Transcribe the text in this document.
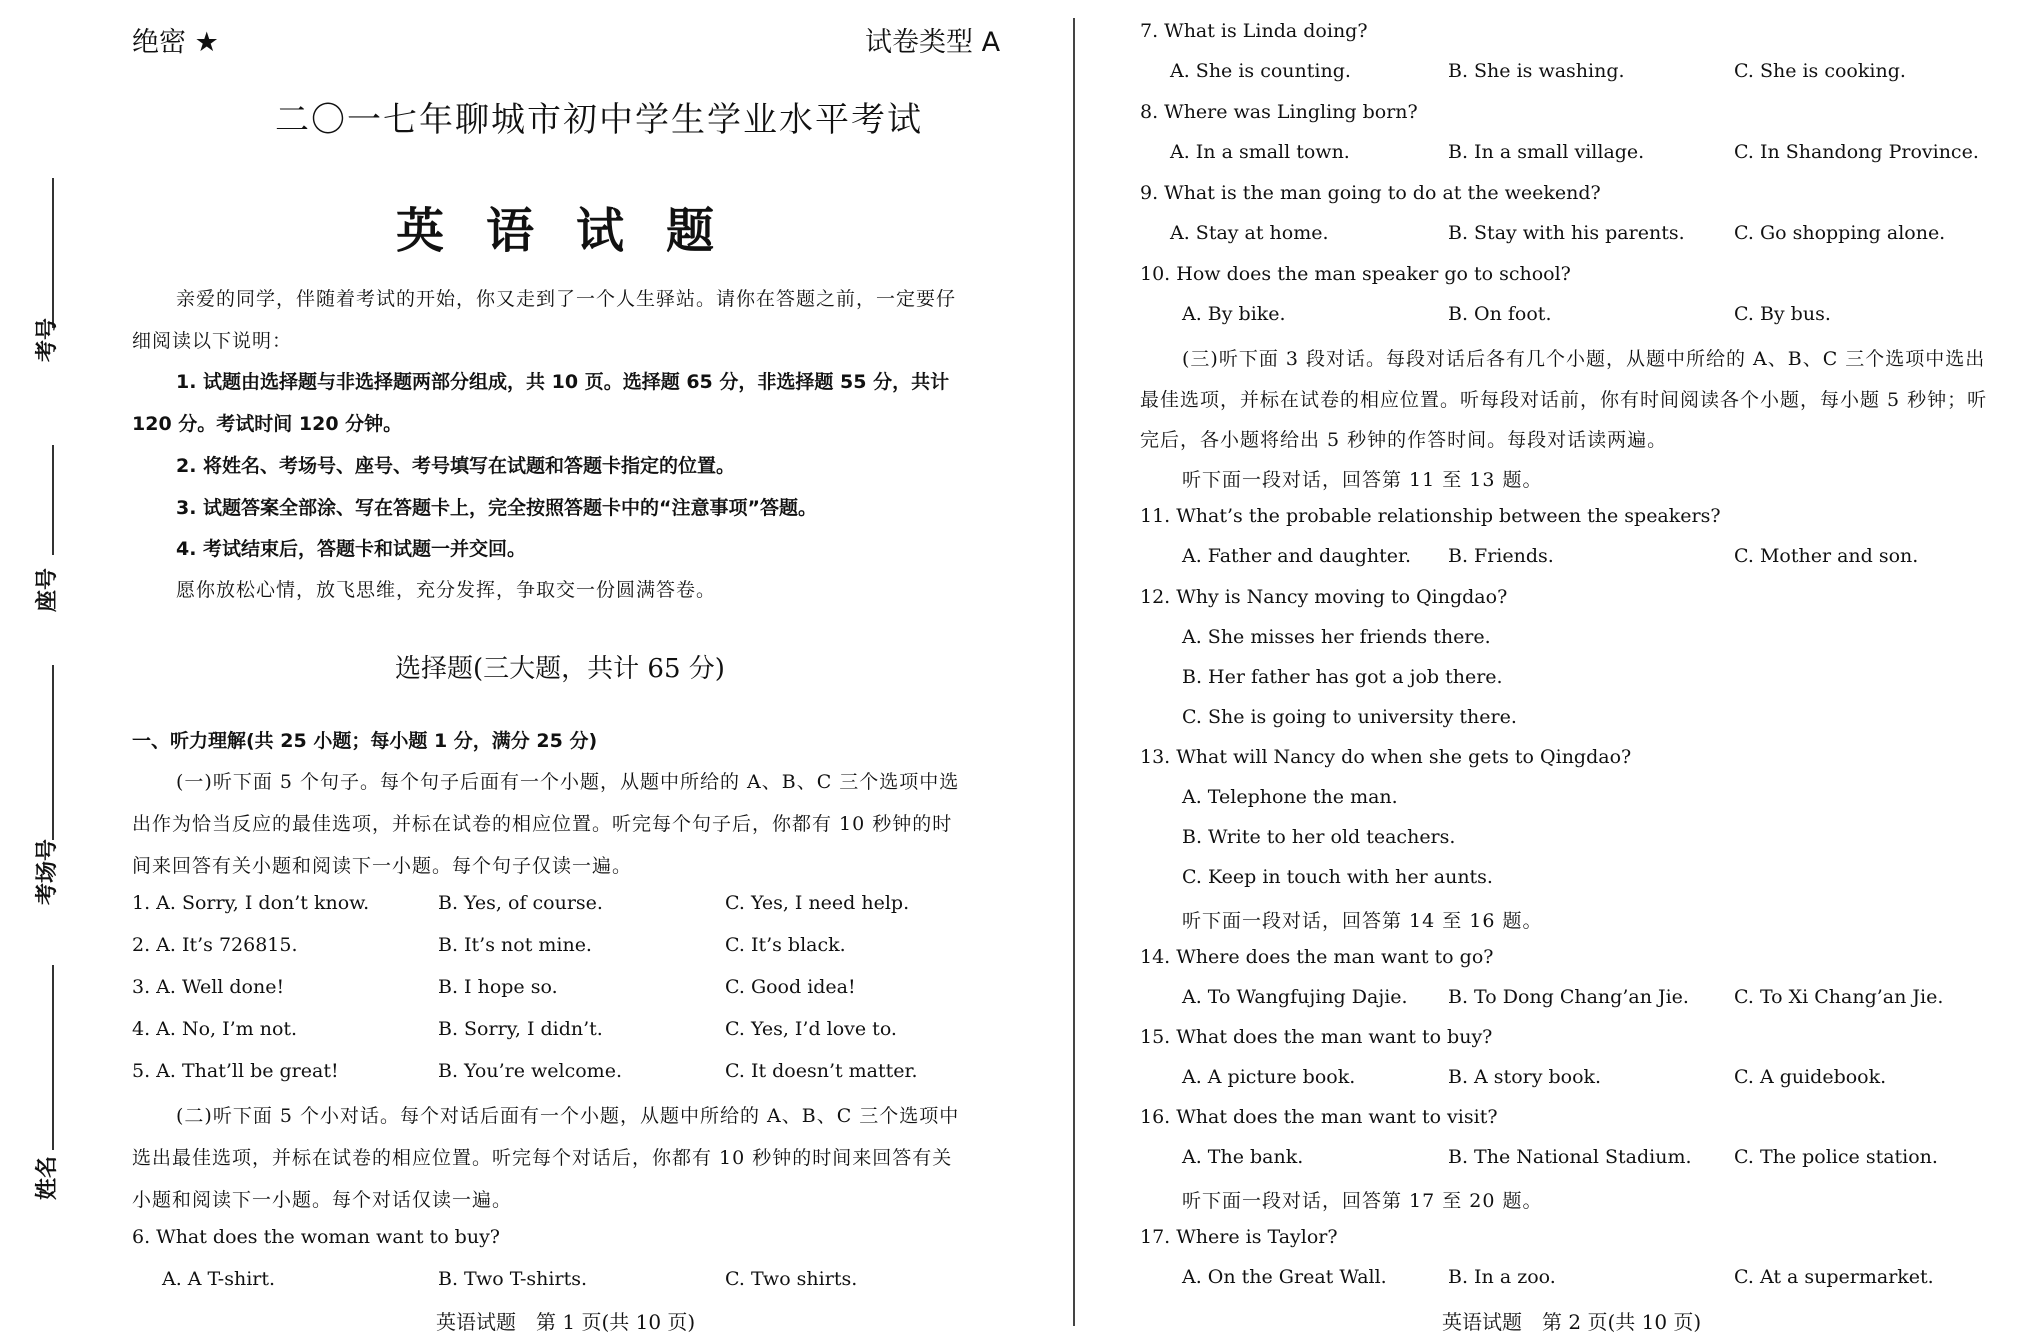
考号
座号
考场号
姓名
绝密 ★	试卷类型 A
二〇一七年聊城市初中学生学业水平考试
英语试题
亲爱的同学，伴随着考试的开始，你又走到了一个人生驿站。请你在答题之前，一定要仔
细阅读以下说明：
1. 试题由选择题与非选择题两部分组成，共 10 页。选择题 65 分，非选择题 55 分，共计
120 分。考试时间 120 分钟。
2. 将姓名、考场号、座号、考号填写在试题和答题卡指定的位置。
3. 试题答案全部涂、写在答题卡上，完全按照答题卡中的“注意事项”答题。
4. 考试结束后，答题卡和试题一并交回。
愿你放松心情，放飞思维，充分发挥，争取交一份圆满答卷。
选择题(三大题，共计 65 分)
一、听力理解(共 25 小题；每小题 1 分，满分 25 分)
(一)听下面 5 个句子。每个句子后面有一个小题，从题中所给的 A、B、C 三个选项中选
出作为恰当反应的最佳选项，并标在试卷的相应位置。听完每个句子后，你都有 10 秒钟的时
间来回答有关小题和阅读下一小题。每个句子仅读一遍。
1. A. Sorry, I don’t know.	B. Yes, of course.	C. Yes, I need help.
2. A. It’s 726815.	B. It’s not mine.	C. It’s black.
3. A. Well done!	B. I hope so.	C. Good idea!
4. A. No, I’m not.	B. Sorry, I didn’t.	C. Yes, I’d love to.
5. A. That’ll be great!	B. You’re welcome.	C. It doesn’t matter.
(二)听下面 5 个小对话。每个对话后面有一个小题，从题中所给的 A、B、C 三个选项中
选出最佳选项，并标在试卷的相应位置。听完每个对话后，你都有 10 秒钟的时间来回答有关
小题和阅读下一小题。每个对话仅读一遍。
6. What does the woman want to buy?
A. A T-shirt.	B. Two T-shirts.	C. Two shirts.
英语试题　第 1 页(共 10 页)
7. What is Linda doing?
A. She is counting.	B. She is washing.	C. She is cooking.
8. Where was Lingling born?
A. In a small town.	B. In a small village.	C. In Shandong Province.
9. What is the man going to do at the weekend?
A. Stay at home.	B. Stay with his parents.	C. Go shopping alone.
10. How does the man speaker go to school?
A. By bike.	B. On foot.	C. By bus.
(三)听下面 3 段对话。每段对话后各有几个小题，从题中所给的 A、B、C 三个选项中选出
最佳选项，并标在试卷的相应位置。听每段对话前，你有时间阅读各个小题，每小题 5 秒钟；听
完后，各小题将给出 5 秒钟的作答时间。每段对话读两遍。
听下面一段对话，回答第 11 至 13 题。
11. What’s the probable relationship between the speakers?
A. Father and daughter. B. Friends.	C. Mother and son.
12. Why is Nancy moving to Qingdao?
A. She misses her friends there.
B. Her father has got a job there.
C. She is going to university there.
13. What will Nancy do when she gets to Qingdao?
A. Telephone the man.
B. Write to her old teachers.
C. Keep in touch with her aunts.
听下面一段对话，回答第 14 至 16 题。
14. Where does the man want to go?
A. To Wangfujing Dajie. B. To Dong Chang’an Jie. C. To Xi Chang’an Jie.
15. What does the man want to buy?
A. A picture book.	B. A story book.	C. A guidebook.
16. What does the man want to visit?
A. The bank.	B. The National Stadium. C. The police station.
听下面一段对话，回答第 17 至 20 题。
17. Where is Taylor?
A. On the Great Wall.	B. In a zoo.	C. At a supermarket.
英语试题　第 2 页(共 10 页)
